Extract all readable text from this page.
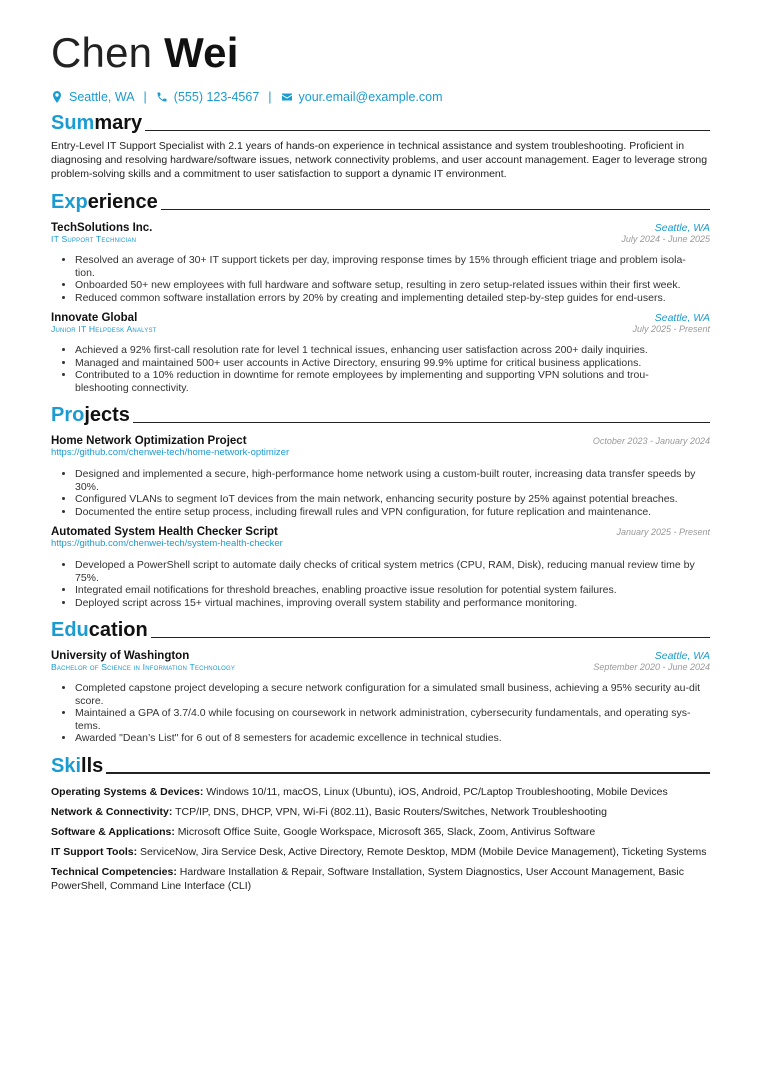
Chen Wei
Seattle, WA | (555) 123-4567 | your.email@example.com
Summary
Entry-Level IT Support Specialist with 2.1 years of hands-on experience in technical assistance and system troubleshooting. Proficient in diagnosing and resolving hardware/software issues, network connectivity problems, and user account management. Eager to leverage strong problem-solving skills and a commitment to user satisfaction to support a dynamic IT environment.
Experience
TechSolutions Inc.	Seattle, WA
IT Support Technician	July 2024 - June 2025
• Resolved an average of 30+ IT support tickets per day, improving response times by 15% through efficient triage and problem isola-tion.
• Onboarded 50+ new employees with full hardware and software setup, resulting in zero setup-related issues within their first week.
• Reduced common software installation errors by 20% by creating and implementing detailed step-by-step guides for end-users.
Innovate Global	Seattle, WA
Junior IT Helpdesk Analyst	July 2025 - Present
• Achieved a 92% first-call resolution rate for level 1 technical issues, enhancing user satisfaction across 200+ daily inquiries.
• Managed and maintained 500+ user accounts in Active Directory, ensuring 99.9% uptime for critical business applications.
• Contributed to a 10% reduction in downtime for remote employees by implementing and supporting VPN solutions and trou-bleshooting connectivity.
Projects
Home Network Optimization Project	October 2023 - January 2024
https://github.com/chenwei-tech/home-network-optimizer
• Designed and implemented a secure, high-performance home network using a custom-built router, increasing data transfer speeds by 30%.
• Configured VLANs to segment IoT devices from the main network, enhancing security posture by 25% against potential breaches.
• Documented the entire setup process, including firewall rules and VPN configuration, for future replication and maintenance.
Automated System Health Checker Script	January 2025 - Present
https://github.com/chenwei-tech/system-health-checker
• Developed a PowerShell script to automate daily checks of critical system metrics (CPU, RAM, Disk), reducing manual review time by 75%.
• Integrated email notifications for threshold breaches, enabling proactive issue resolution for potential system failures.
• Deployed script across 15+ virtual machines, improving overall system stability and performance monitoring.
Education
University of Washington	Seattle, WA
Bachelor of Science in Information Technology	September 2020 - June 2024
• Completed capstone project developing a secure network configuration for a simulated small business, achieving a 95% security au-dit score.
• Maintained a GPA of 3.7/4.0 while focusing on coursework in network administration, cybersecurity fundamentals, and operating sys-tems.
• Awarded "Dean’s List" for 6 out of 8 semesters for academic excellence in technical studies.
Skills
Operating Systems & Devices: Windows 10/11, macOS, Linux (Ubuntu), iOS, Android, PC/Laptop Troubleshooting, Mobile Devices
Network & Connectivity: TCP/IP, DNS, DHCP, VPN, Wi-Fi (802.11), Basic Routers/Switches, Network Troubleshooting
Software & Applications: Microsoft Office Suite, Google Workspace, Microsoft 365, Slack, Zoom, Antivirus Software
IT Support Tools: ServiceNow, Jira Service Desk, Active Directory, Remote Desktop, MDM (Mobile Device Management), Ticketing Systems
Technical Competencies: Hardware Installation & Repair, Software Installation, System Diagnostics, User Account Management, Basic PowerShell, Command Line Interface (CLI)
